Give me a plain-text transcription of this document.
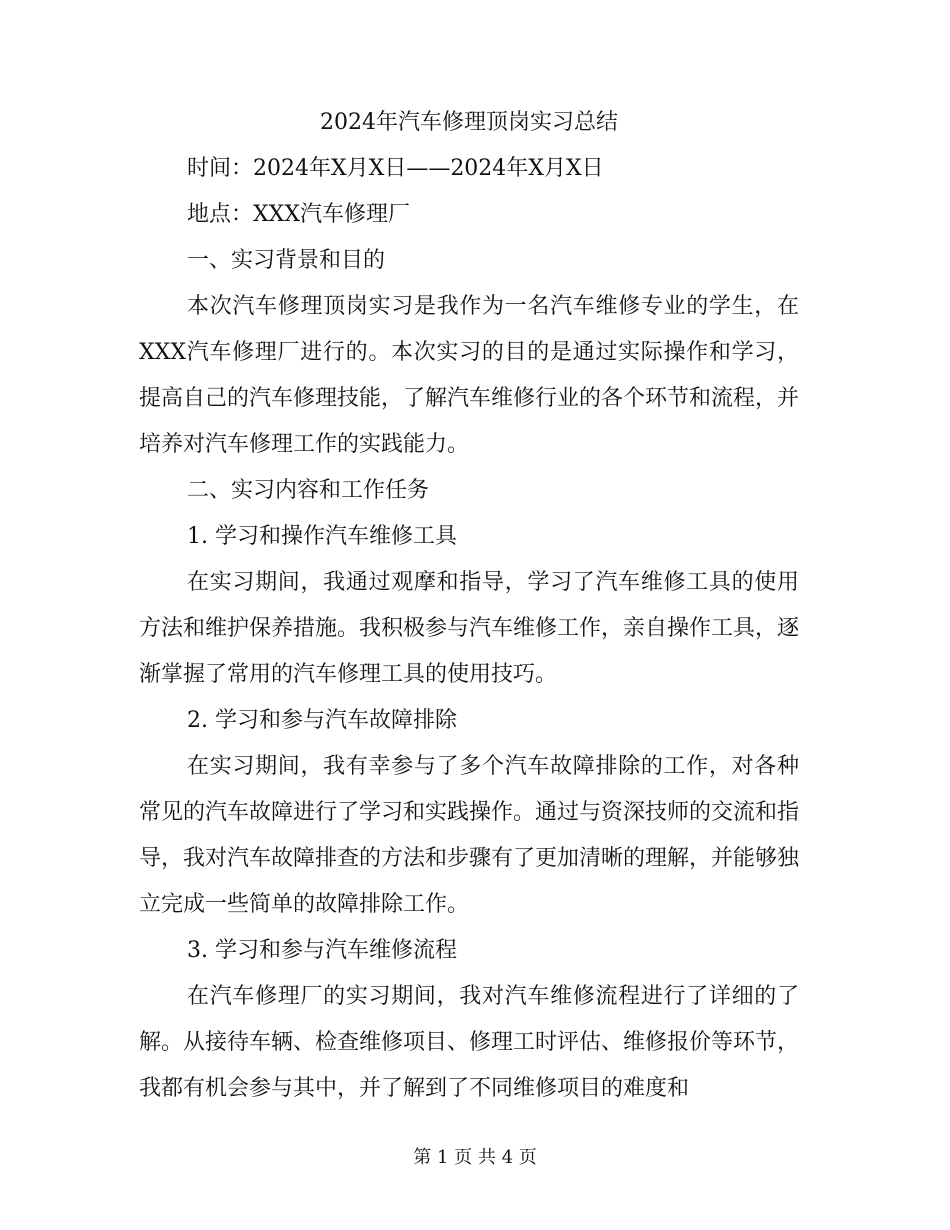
2024年汽车修理顶岗实习总结

时间：2024年X月X日——2024年X月X日

地点：XXX汽车修理厂

一、实习背景和目的

本次汽车修理顶岗实习是我作为一名汽车维修专业的学生，在XXX汽车修理厂进行的。本次实习的目的是通过实际操作和学习，提高自己的汽车修理技能，了解汽车维修行业的各个环节和流程，并培养对汽车修理工作的实践能力。

二、实习内容和工作任务

1. 学习和操作汽车维修工具

在实习期间，我通过观摩和指导，学习了汽车维修工具的使用方法和维护保养措施。我积极参与汽车维修工作，亲自操作工具，逐渐掌握了常用的汽车修理工具的使用技巧。

2. 学习和参与汽车故障排除

在实习期间，我有幸参与了多个汽车故障排除的工作，对各种常见的汽车故障进行了学习和实践操作。通过与资深技师的交流和指导，我对汽车故障排查的方法和步骤有了更加清晰的理解，并能够独立完成一些简单的故障排除工作。

3. 学习和参与汽车维修流程

在汽车修理厂的实习期间，我对汽车维修流程进行了详细的了解。从接待车辆、检查维修项目、修理工时评估、维修报价等环节，我都有机会参与其中，并了解到了不同维修项目的难度和

第 1 页 共 4 页
